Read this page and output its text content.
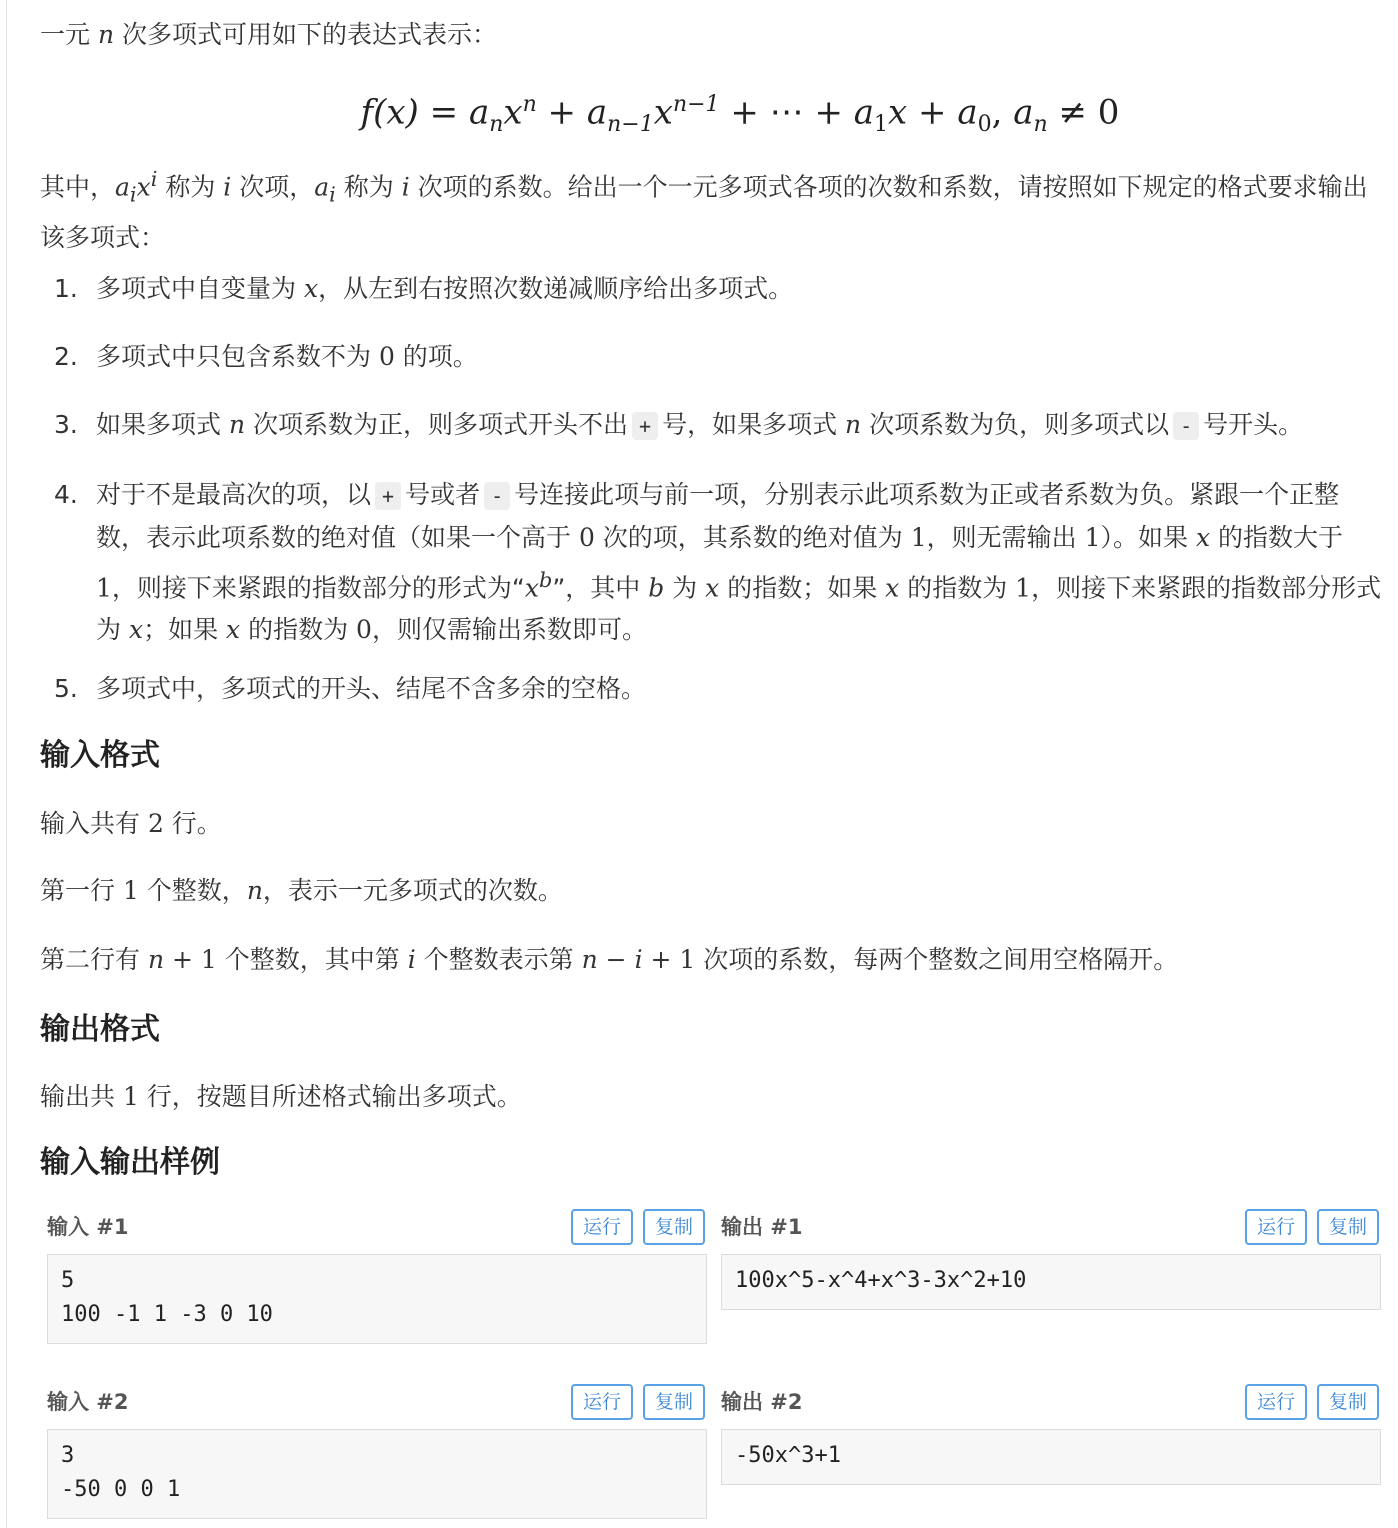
一元 n 次多项式可用如下的表达式表示：

$f(x) = a_nx^n + a_{n-1}x^{n-1}$ + ⋯ + $a_1x + a_0$, $a_n \ne 0$

其中，$a_ix^i$ 称为 i 次项，$a_i$ 称为 i 次项的系数。给出一个一元多项式各项的次数和系数，请按照如下规定的格式要求输出该多项式：

1. 多项式中自变量为 x，从左到右按照次数递减顺序给出多项式。
2. 多项式中只包含系数不为 0 的项。
3. 如果多项式 n 次项系数为正，则多项式开头不出 + 号，如果多项式 n 次项系数为负，则多项式以 - 号开头。
4. 对于不是最高次的项，以 + 号或者 - 号连接此项与前一项，分别表示此项系数为正或者系数为负。紧跟一个正整数，表示此项系数的绝对值（如果一个高于 0 次的项，其系数的绝对值为 1，则无需输出 1）。如果 x 的指数大于 1，则接下来紧跟的指数部分的形式为“$x^b$”，其中 b 为 x 的指数；如果 x 的指数为 1，则接下来紧跟的指数部分形式为 x；如果 x 的指数为 0，则仅需输出系数即可。
5. 多项式中，多项式的开头、结尾不含多余的空格。
输入格式

输入共有 2 行。

第一行 1 个整数，n，表示一元多项式的次数。

第二行有 n + 1 个整数，其中第 i 个整数表示第 n − i + 1 次项的系数，每两个整数之间用空格隔开。

输出格式

输出共 1 行，按题目所述格式输出多项式。

输入输出样例
输入 #1	运行	复制
5
100 -1 1 -3 0 10
输出 #1	运行	复制
100x^5-x^4+x^3-3x^2+10
输入 #2	运行	复制
3
-50 0 0 1
输出 #2	运行	复制
-50x^3+1
